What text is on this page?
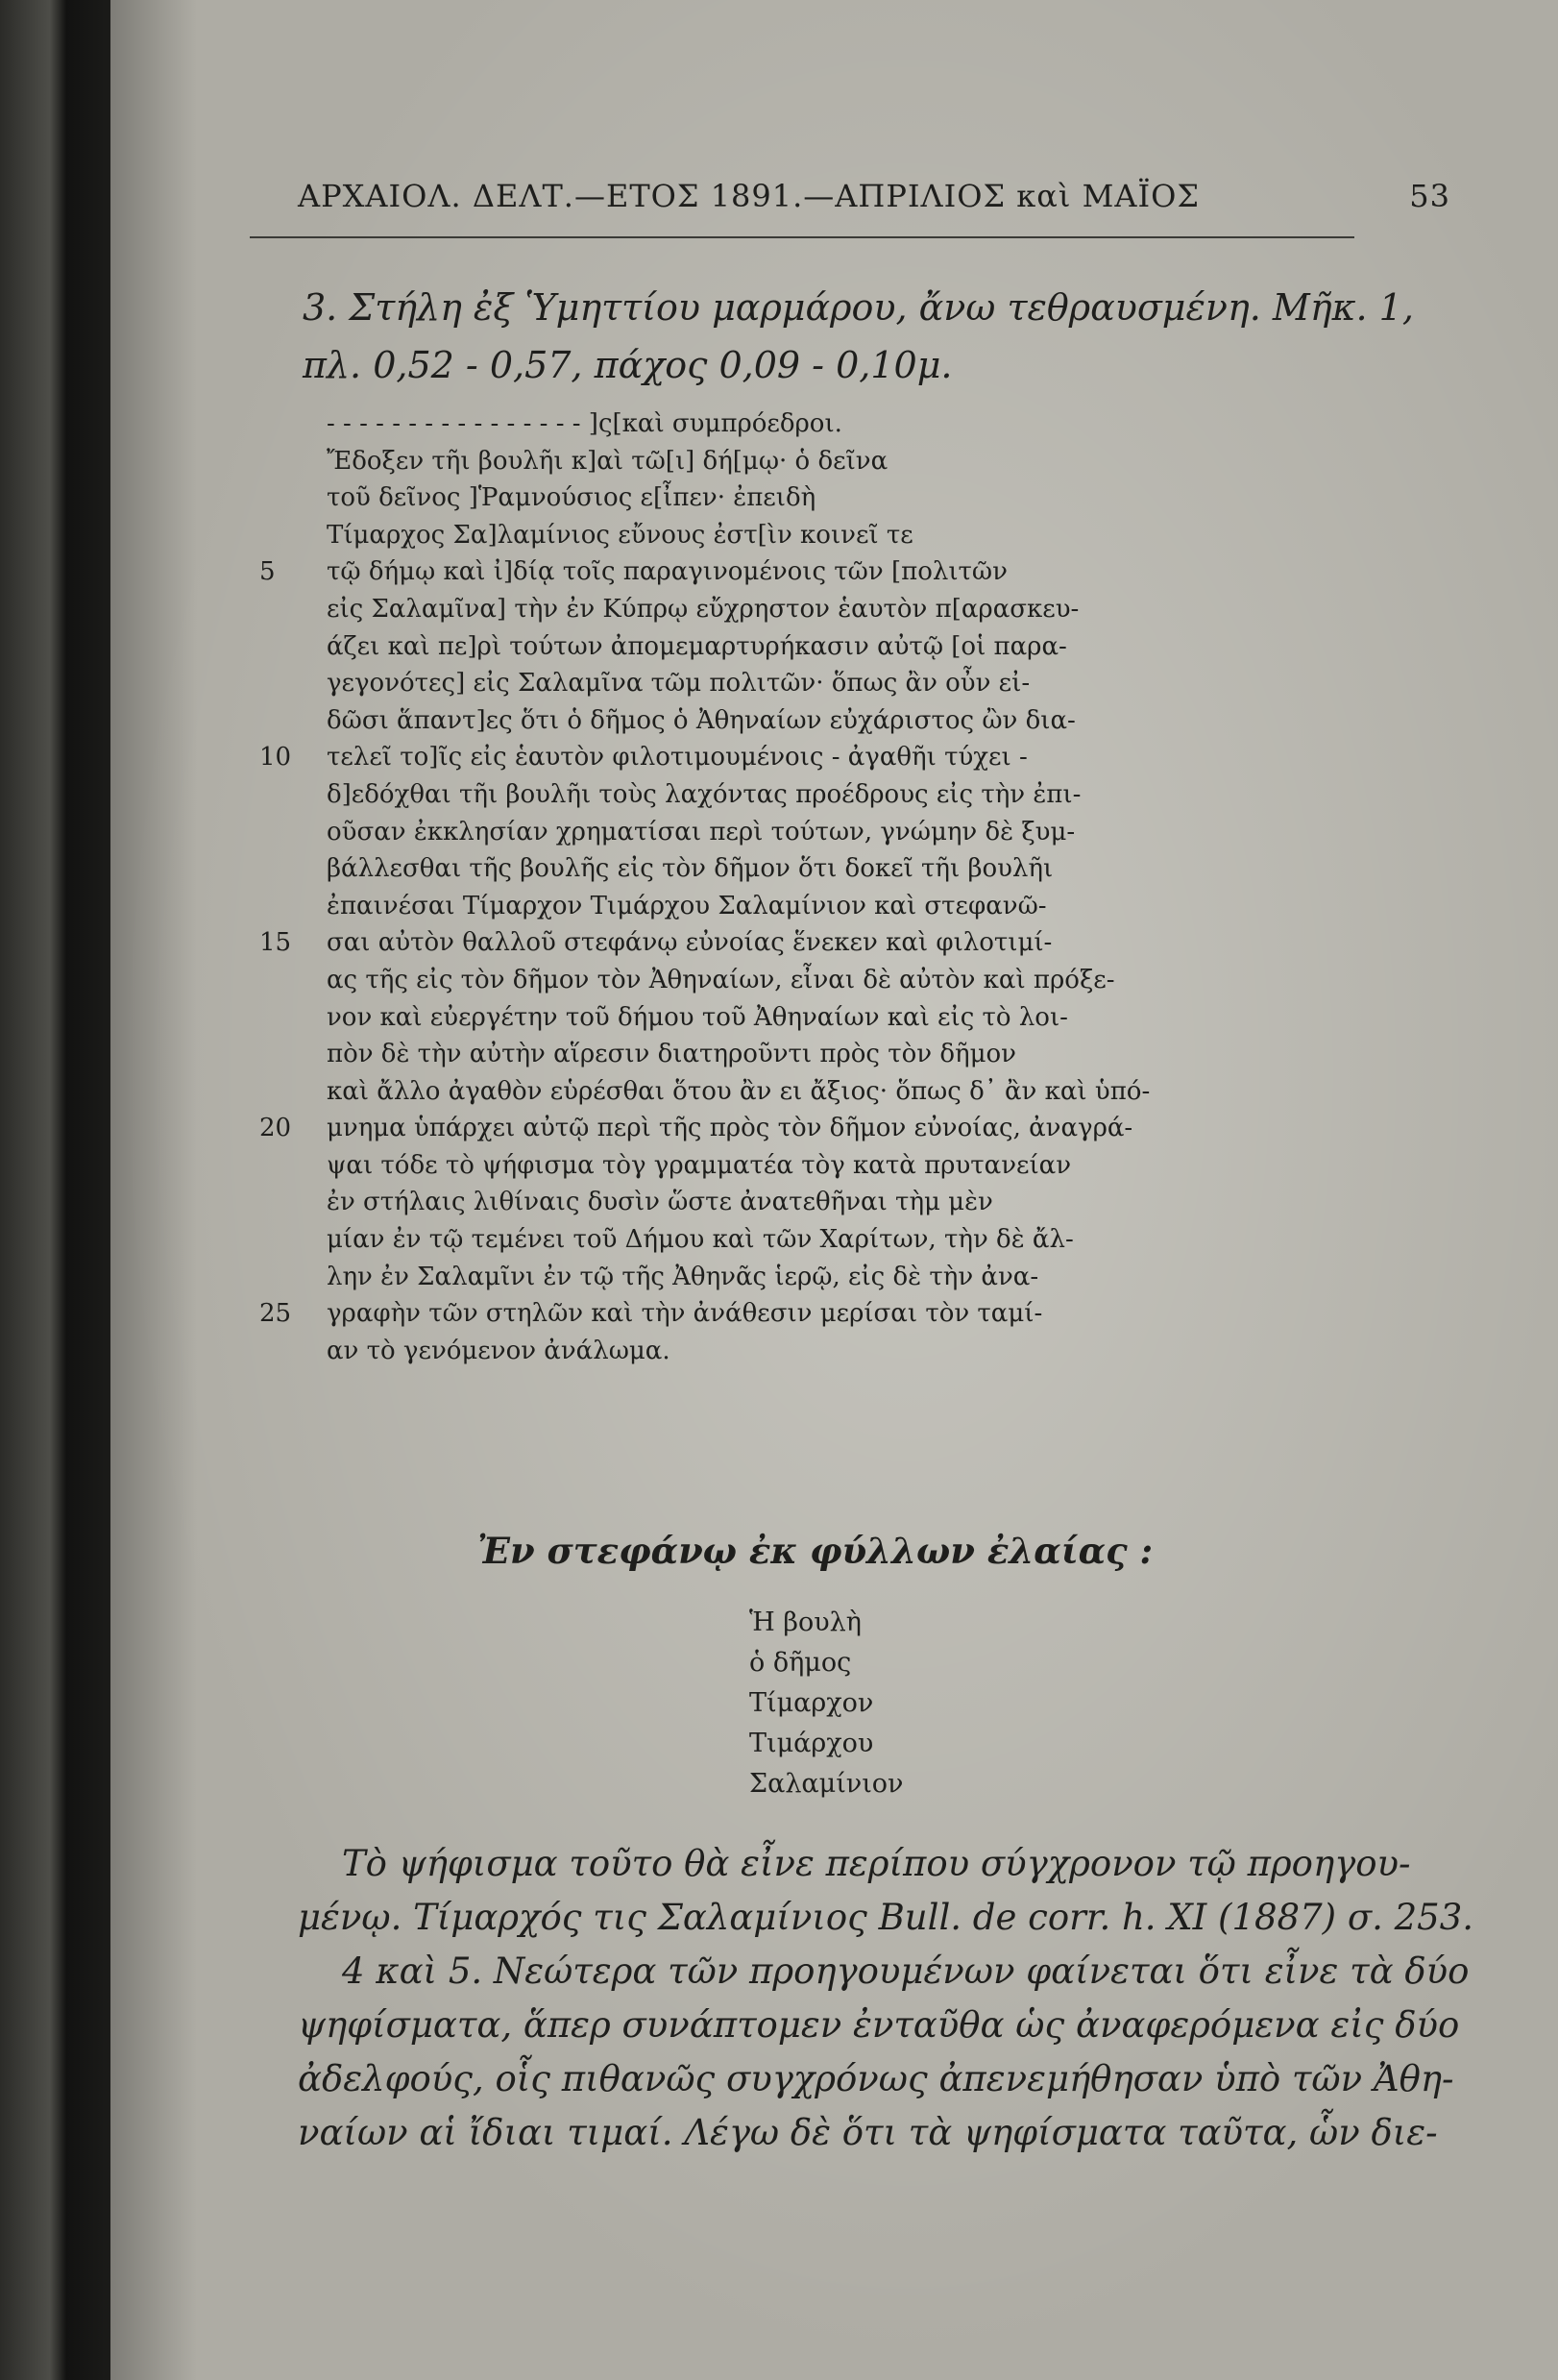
ΑΡΧΑΙΟΛ. ΔΕΛΤ.—ΕΤΟΣ 1891.—ΑΠΡΙΛΙΟΣ καὶ ΜΑΪΟΣ	53

3. Στήλη ἐξ Ὑμηττίου μαρμάρου, ἄνω τεθραυσμένη. Μῆκ. 1,

πλ. 0,52 - 0,57, πάχος 0,09 - 0,10μ.

- - - - - - - - - - - - - - - - ]ς[καὶ συμπρόεδροι.
Ἔδοξεν τῆι βουλῆι κ]αὶ τῶ[ι] δή[μῳ· ὁ δεῖνα
τοῦ δεῖνος ]Ῥαμνούσιος ε[ἶπεν· ἐπειδὴ
Τίμαρχος Σα]λαμίνιος εὔνους ἐστ[ὶν κοινεῖ τε
5	τῷ δήμῳ καὶ ἰ]δίᾳ τοῖς παραγινομένοις τῶν [πολιτῶν
εἰς Σαλαμῖνα] τὴν ἐν Κύπρῳ εὔχρηστον ἑαυτὸν π[αρασκευ-
άζει καὶ πε]ρὶ τούτων ἀπομεμαρτυρήκασιν αὐτῷ [οἱ παρα-
γεγονότες] εἰς Σαλαμῖνα τῶμ πολιτῶν· ὅπως ἂν οὖν εἰ-
δῶσι ἅπαντ]ες ὅτι ὁ δῆμος ὁ Ἀθηναίων εὐχάριστος ὢν δια-
10	τελεῖ το]ῖς εἰς ἑαυτὸν φιλοτιμουμένοις - ἀγαθῆι τύχει -
δ]εδόχθαι τῆι βουλῆι τοὺς λαχόντας προέδρους εἰς τὴν ἐπι-
οῦσαν ἐκκλησίαν χρηματίσαι περὶ τούτων, γνώμην δὲ ξυμ-
βάλλεσθαι τῆς βουλῆς εἰς τὸν δῆμον ὅτι δοκεῖ τῆι βουλῆι
ἐπαινέσαι Τίμαρχον Τιμάρχου Σαλαμίνιον καὶ στεφανῶ-
15	σαι αὐτὸν θαλλοῦ στεφάνῳ εὐνοίας ἕνεκεν καὶ φιλοτιμί-
ας τῆς εἰς τὸν δῆμον τὸν Ἀθηναίων, εἶναι δὲ αὐτὸν καὶ πρόξε-
νον καὶ εὐεργέτην τοῦ δήμου τοῦ Ἀθηναίων καὶ εἰς τὸ λοι-
πὸν δὲ τὴν αὐτὴν αἵρεσιν διατηροῦντι πρὸς τὸν δῆμον
καὶ ἄλλο ἀγαθὸν εὑρέσθαι ὅτου ἂν ει ἄξιος· ὅπως δ᾽ ἂν καὶ ὑπό-
20	μνημα ὑπάρχει αὐτῷ περὶ τῆς πρὸς τὸν δῆμον εὐνοίας, ἀναγρά-
ψαι τόδε τὸ ψήφισμα τὸγ γραμματέα τὸγ κατὰ πρυτανείαν
ἐν στήλαις λιθίναις δυσὶν ὥστε ἀνατεθῆναι τὴμ μὲν
μίαν ἐν τῷ τεμένει τοῦ Δήμου καὶ τῶν Χαρίτων, τὴν δὲ ἄλ-
λην ἐν Σαλαμῖνι ἐν τῷ τῆς Ἀθηνᾶς ἱερῷ, εἰς δὲ τὴν ἀνα-
25	γραφὴν τῶν στηλῶν καὶ τὴν ἀνάθεσιν μερίσαι τὸν ταμί-
αν τὸ γενόμενον ἀνάλωμα.
Ἐν στεφάνῳ ἐκ φύλλων ἐλαίας :
Ἡ βουλὴ
ὁ δῆμος
Τίμαρχον
Τιμάρχου
Σαλαμίνιον

Τὸ ψήφισμα τοῦτο θὰ εἶνε περίπου σύγχρονον τῷ προηγου-

μένῳ. Τίμαρχός τις Σαλαμίνιος Bull. de corr. h. XI (1887) σ. 253.

4 καὶ 5. Νεώτερα τῶν προηγουμένων φαίνεται ὅτι εἶνε τὰ δύο

ψηφίσματα, ἅπερ συνάπτομεν ἐνταῦθα ὡς ἀναφερόμενα εἰς δύο

ἀδελφούς, οἷς πιθανῶς συγχρόνως ἀπενεμήθησαν ὑπὸ τῶν Ἀθη-

ναίων αἱ ἴδιαι τιμαί. Λέγω δὲ ὅτι τὰ ψηφίσματα ταῦτα, ὧν διε-
